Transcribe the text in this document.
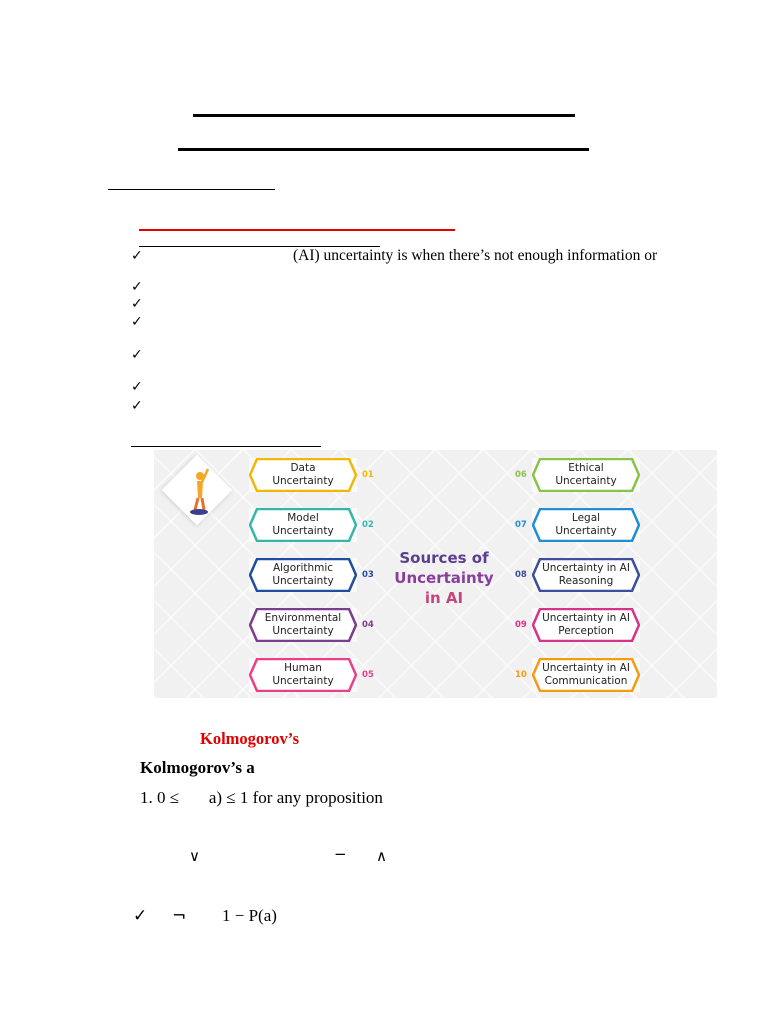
✓	(AI) uncertainty is when there’s not enough information or
✓
✓
✓
✓
✓
✓
Sources of
Uncertainty
in AI
Data Uncertainty	01
Model Uncertainty	02
Algorithmic Uncertainty	03
Environmental Uncertainty	04
Human Uncertainty	05
Ethical Uncertainty
06
Legal Uncertainty
07
Uncertainty in AI Reasoning
08
Uncertainty in AI Perception
09
Uncertainty in AI Communication
10
Kolmogorov’s
Kolmogorov’s a
1. 0 ≤       a) ≤ 1 for any proposition
∨	− ∧
✓ ¬ 1 − P(a)
